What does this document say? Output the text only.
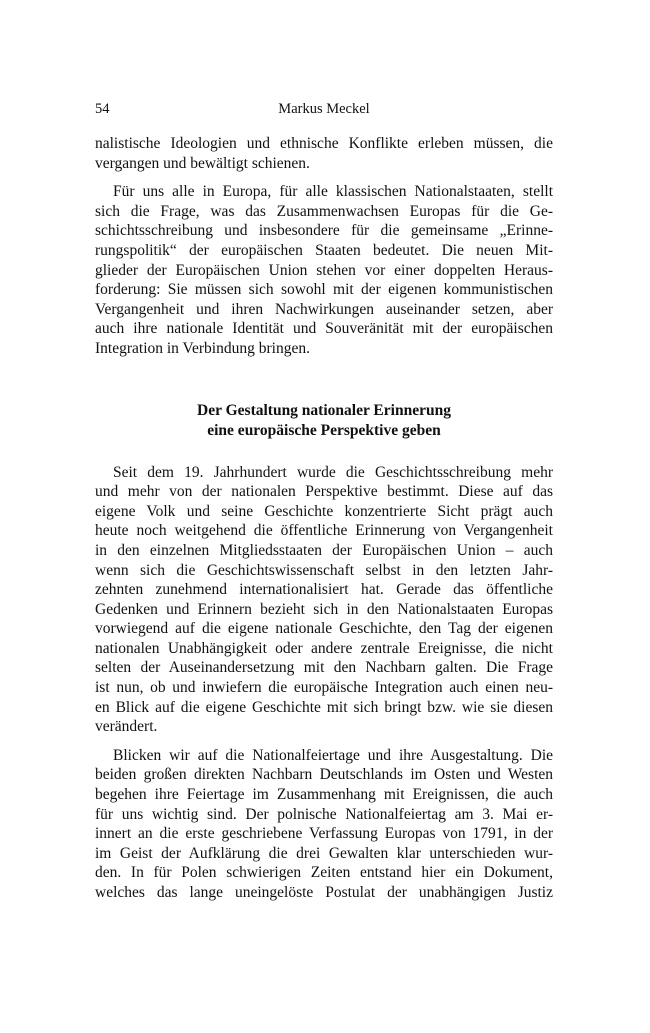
54	Markus Meckel
nalistische Ideologien und ethnische Konflikte erleben müssen, die
vergangen und bewältigt schienen.
Für uns alle in Europa, für alle klassischen Nationalstaaten, stellt
sich die Frage, was das Zusammenwachsen Europas für die Ge-
schichtsschreibung und insbesondere für die gemeinsame „Erinne-
rungspolitik“ der europäischen Staaten bedeutet. Die neuen Mit-
glieder der Europäischen Union stehen vor einer doppelten Heraus-
forderung: Sie müssen sich sowohl mit der eigenen kommunistischen
Vergangenheit und ihren Nachwirkungen auseinander setzen, aber
auch ihre nationale Identität und Souveränität mit der europäischen
Integration in Verbindung bringen.
Der Gestaltung nationaler Erinnerung
eine europäische Perspektive geben
Seit dem 19. Jahrhundert wurde die Geschichtsschreibung mehr
und mehr von der nationalen Perspektive bestimmt. Diese auf das
eigene Volk und seine Geschichte konzentrierte Sicht prägt auch
heute noch weitgehend die öffentliche Erinnerung von Vergangenheit
in den einzelnen Mitgliedsstaaten der Europäischen Union – auch
wenn sich die Geschichtswissenschaft selbst in den letzten Jahr-
zehnten zunehmend internationalisiert hat. Gerade das öffentliche
Gedenken und Erinnern bezieht sich in den Nationalstaaten Europas
vorwiegend auf die eigene nationale Geschichte, den Tag der eigenen
nationalen Unabhängigkeit oder andere zentrale Ereignisse, die nicht
selten der Auseinandersetzung mit den Nachbarn galten. Die Frage
ist nun, ob und inwiefern die europäische Integration auch einen neu-
en Blick auf die eigene Geschichte mit sich bringt bzw. wie sie diesen
verändert.
Blicken wir auf die Nationalfeiertage und ihre Ausgestaltung. Die
beiden großen direkten Nachbarn Deutschlands im Osten und Westen
begehen ihre Feiertage im Zusammenhang mit Ereignissen, die auch
für uns wichtig sind. Der polnische Nationalfeiertag am 3. Mai er-
innert an die erste geschriebene Verfassung Europas von 1791, in der
im Geist der Aufklärung die drei Gewalten klar unterschieden wur-
den. In für Polen schwierigen Zeiten entstand hier ein Dokument,
welches das lange uneingelöste Postulat der unabhängigen Justiz
